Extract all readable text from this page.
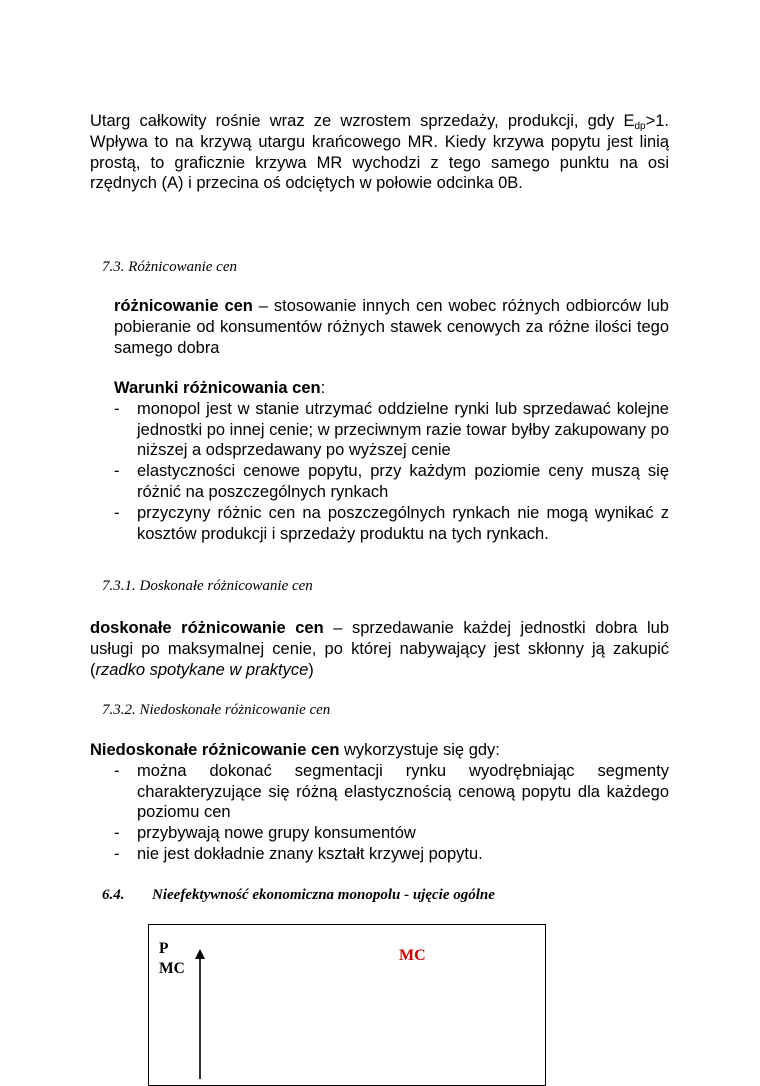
Utarg całkowity rośnie wraz ze wzrostem sprzedaży, produkcji, gdy $E_{dp}>1$. Wpływa to na krzywą utargu krańcowego MR. Kiedy krzywa popytu jest linią prostą, to graficznie krzywa MR wychodzi z tego samego punktu na osi rzędnych (A) i przecina oś odciętych w połowie odcinka 0B.
7.3. Różnicowanie cen
różnicowanie cen – stosowanie innych cen wobec różnych odbiorców lub pobieranie od konsumentów różnych stawek cenowych za różne ilości tego samego dobra
Warunki różnicowania cen:
- monopol jest w stanie utrzymać oddzielne rynki lub sprzedawać kolejne jednostki po innej cenie; w przeciwnym razie towar byłby zakupowany po niższej a odsprzedawany po wyższej cenie
- elastyczności cenowe popytu, przy każdym poziomie ceny muszą się różnić na poszczególnych rynkach
- przyczyny różnic cen na poszczególnych rynkach nie mogą wynikać z kosztów produkcji i sprzedaży produktu na tych rynkach.
7.3.1. Doskonałe różnicowanie cen
doskonałe różnicowanie cen – sprzedawanie każdej jednostki dobra lub usługi po maksymalnej cenie, po której nabywający jest skłonny ją zakupić (rzadko spotykane w praktyce)
7.3.2. Niedoskonałe różnicowanie cen
Niedoskonałe różnicowanie cen wykorzystuje się gdy:
- można dokonać segmentacji rynku wyodrębniając segmenty charakteryzujące się różną elastycznością cenową popytu dla każdego poziomu cen
- przybywają nowe grupy konsumentów
- nie jest dokładnie znany kształt krzywej popytu.
6.4. Nieefektywność ekonomiczna monopolu - ujęcie ogólne
P
MC
MC
